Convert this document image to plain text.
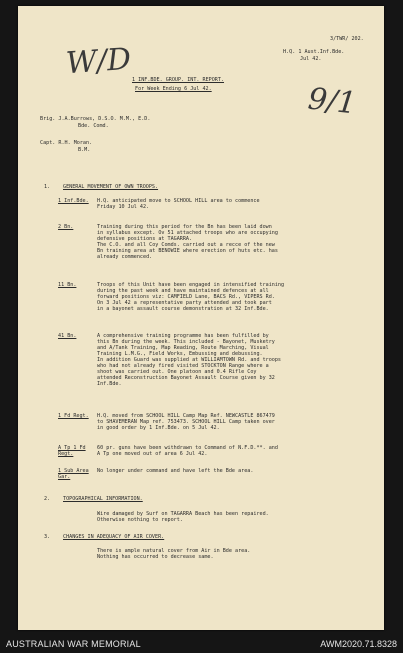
3/TWR/ 202.
H.Q. 1 Aust.Inf.Bde.
Jul 42.
W/D
9/1
1 INF.BDE. GROUP. INT. REPORT.
For Week Ending 6 Jul 42.
Brig. J.A.Burrows, D.S.O. M.M., E.D.
Bde. Comd.
Capt. R.H. Moran.
B.M.
1.	GENERAL MOVEMENT OF OWN TROOPS.
1 Inf.Bde. H.Q. anticipated move to SCHOOL HILL area to commence
Friday 10 Jul 42.
2 Bn.	Training during this period for the Bn has been laid down
in syllabus except. Ov 51 attached troops who are occupying
defensive positions at TAGARRA.
The C.O. and all Coy Comds. carried out a recce of the new
Bn training area at BENOWIE where erection of huts etc. has
already commenced.
11 Bn.	Troops of this Unit have been engaged in intensified training
during the past week and have maintained defences at all
forward positions viz: CAMFIELD Lane, BACS Rd., VIPERS Rd.
On 3 Jul 42 a representative party attended and took part
in a bayonet assault course demonstration at 32 Inf.Bde.
41 Bn.	A comprehensive training programme has been fulfilled by
this Bn during the week. This included - Bayonet, Musketry
and A/Tank Training, Map Reading, Route Marching, Visual
Training L.M.G., Field Works, Embussing and debussing.
In addition Guard was supplied at WILLIAMTOWN Rd. and troops
who had not already fired visited STOCKTON Range where a
shoot was carried out. One platoon and 0.4 Rifle Coy
attended Reconstruction Bayonet Assault Course given by 32
Inf.Bde.
1 Fd Regt. H.Q. moved from SCHOOL HILL Camp Map Ref. NEWCASTLE 867479
to SHAVEMERAN Map ref. 753473. SCHOOL HILL Camp taken over
in good order by 1 Inf.Bde. on 5 Jul 42.
A Tp 1 Fd
Regt.
60 pr. guns have been withdrawn to Command of N.F.D.**. and
A Tp one moved out of area 6 Jul 42.
1 Sub Area
Gar.
No longer under command and have left the Bde area.
2.	TOPOGRAPHICAL INFORMATION.
Wire damaged by Surf on TAGARRA Beach has been repaired.
Otherwise nothing to report.
3.	CHANGES IN ADEQUACY OF AIR COVER.
There is ample natural cover from Air in Bde area.
Nothing has occurred to decrease same.
AUSTRALIAN WAR MEMORIAL	AWM2020.71.8328
